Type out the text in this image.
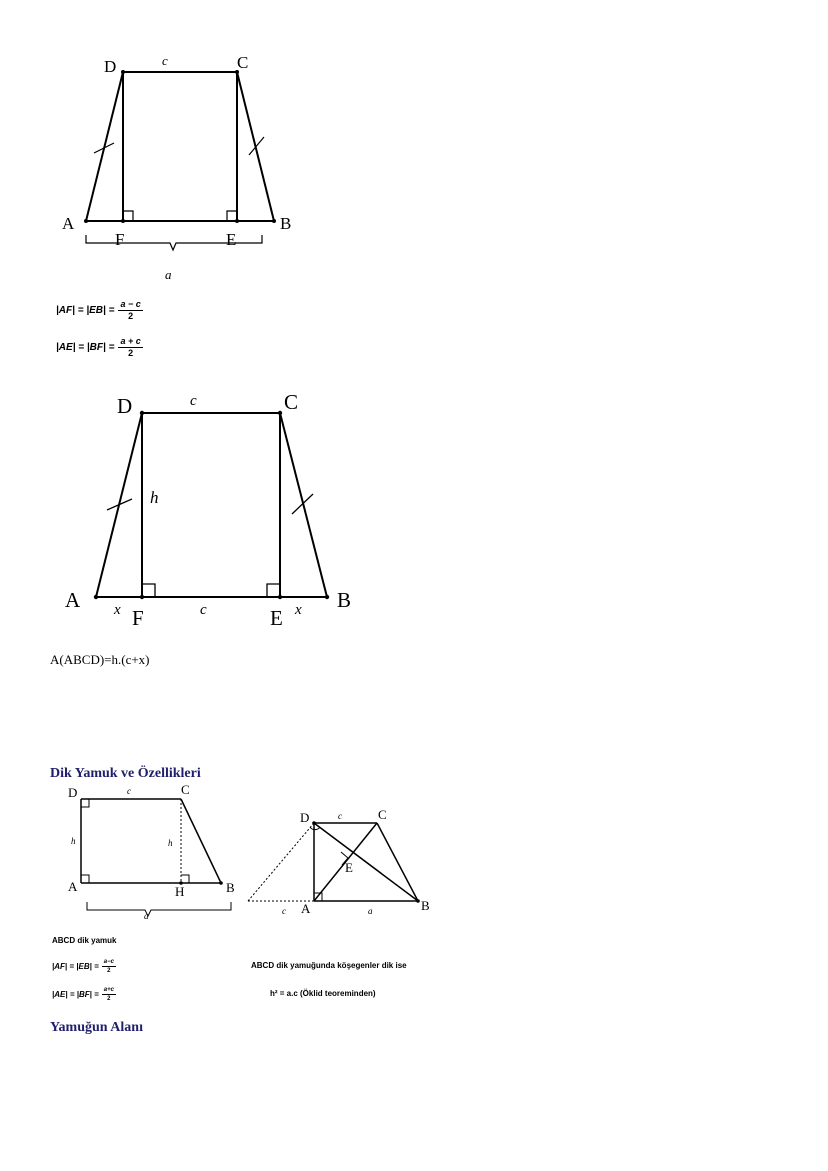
D	C
A	B
F	E
c
a
$|AF| = |EB| = \frac{a - c}{2}$
$|AE| = |BF| = \frac{a + c}{2}$
D	C
A	B
F	E
c
c
h
x	x
A(ABCD)=h.(c+x)
Dik Yamuk ve Özellikleri
D	C
A	H	B
c
h	h
a
D	C
E
A	B
c
c	a
ABCD dik yamuk
$|AF| = |EB| = \frac{a-c}{2}$
$|AE| = |BF| = \frac{a+c}{2}$
ABCD dik yamuğunda köşegenler dik ise
h² = a.c (Öklid teoreminden)
Yamuğun Alanı
